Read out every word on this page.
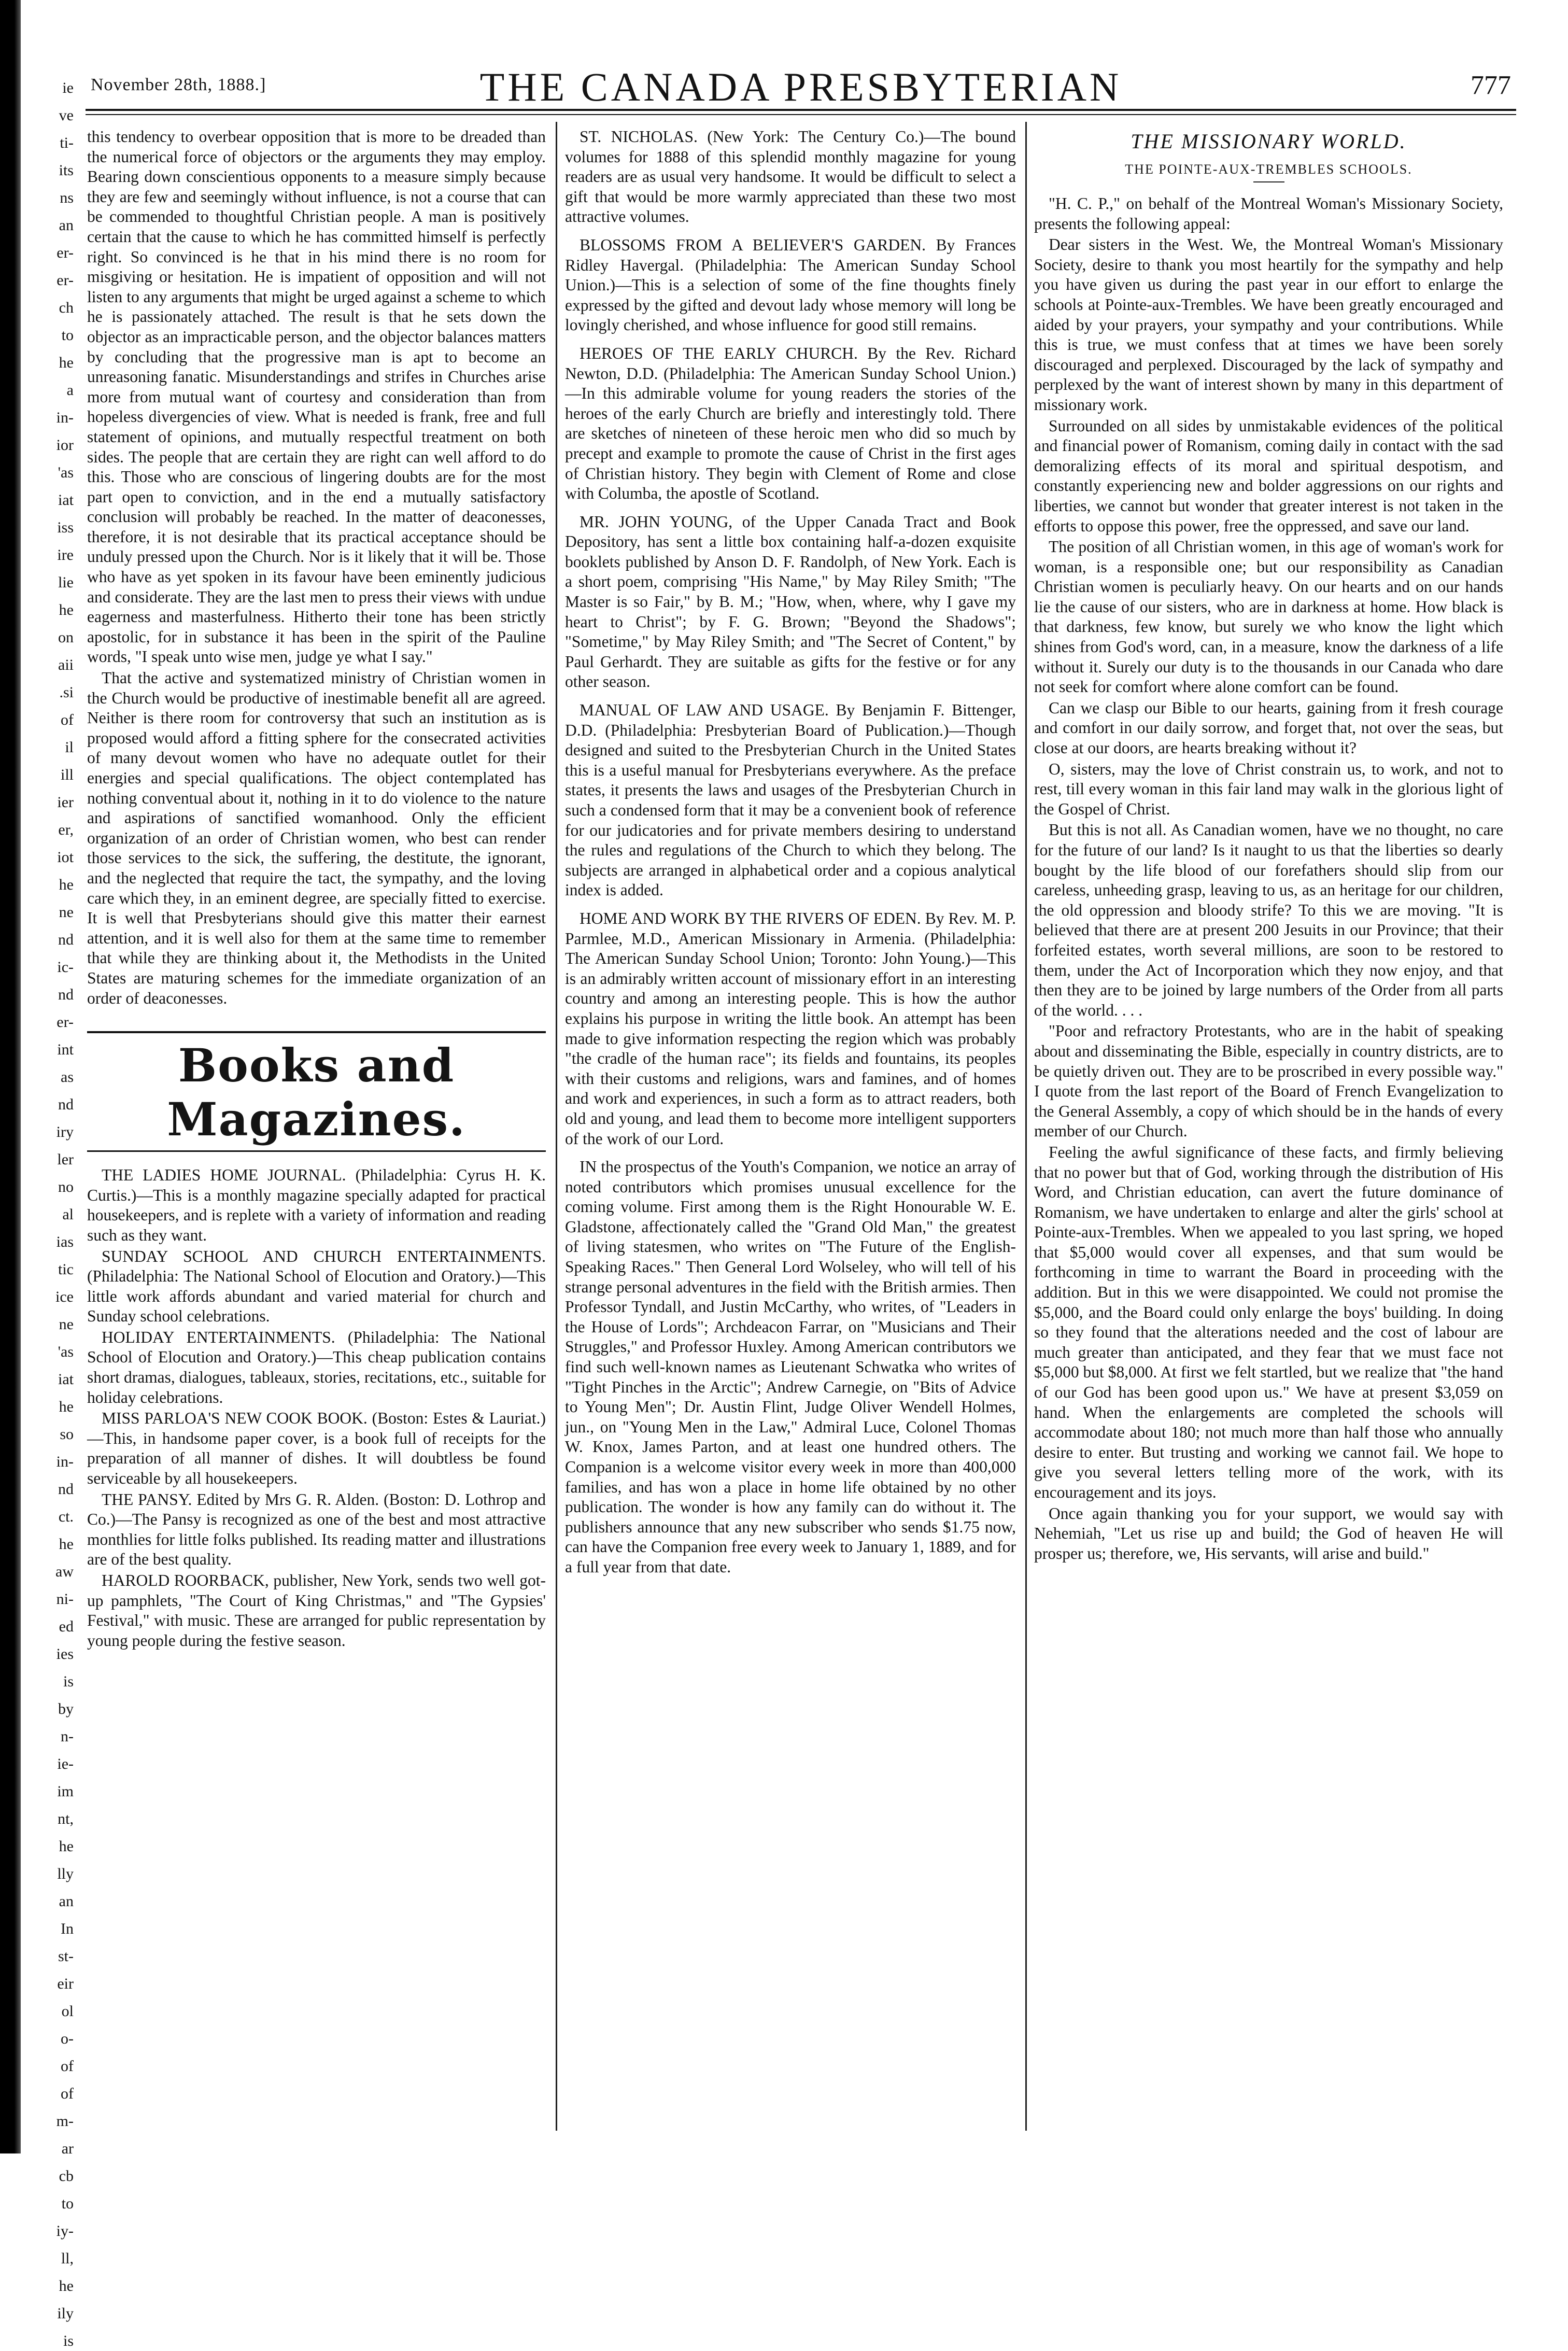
ie

ve

ti-

its

ns

an

er-

er-

ch

to

he

a

in-

ior

'as

iat

iss

ire

lie

he

on

aii

.si

of

il

ill

ier

er,

iot

he

ne

nd

ic-

nd

er-

int

as

nd

iry

ler

no

al

ias

tic

ice

ne

'as

iat

he

so

in-

nd

ct.

he

aw

ni-

ed

ies

is

by

n-

ie-

im

nt,

he

lly

an

In

st-

eir

ol

o-

of

of

m-

ar

cb

to

iy-

ll,

he

ily

is

November 28th, 1888.]	THE CANADA PRESBYTERIAN	777

this tendency to overbear opposition that is more to be dreaded than the numerical force of objectors or the arguments they may employ. Bearing down conscientious opponents to a measure simply because they are few and seemingly without influence, is not a course that can be commended to thoughtful Christian people. A man is positively certain that the cause to which he has committed himself is perfectly right. So convinced is he that in his mind there is no room for misgiving or hesitation. He is impatient of opposition and will not listen to any arguments that might be urged against a scheme to which he is passionately attached. The result is that he sets down the objector as an impracticable person, and the objector balances matters by concluding that the progressive man is apt to become an unreasoning fanatic. Misunderstandings and strifes in Churches arise more from mutual want of courtesy and consideration than from hopeless divergencies of view. What is needed is frank, free and full statement of opinions, and mutually respectful treatment on both sides. The people that are certain they are right can well afford to do this. Those who are conscious of lingering doubts are for the most part open to conviction, and in the end a mutually satisfactory conclusion will probably be reached. In the matter of deaconesses, therefore, it is not desirable that its practical acceptance should be unduly pressed upon the Church. Nor is it likely that it will be. Those who have as yet spoken in its favour have been eminently judicious and considerate. They are the last men to press their views with undue eagerness and masterfulness. Hitherto their tone has been strictly apostolic, for in substance it has been in the spirit of the Pauline words, "I speak unto wise men, judge ye what I say."

That the active and systematized ministry of Christian women in the Church would be productive of inestimable benefit all are agreed. Neither is there room for controversy that such an institution as is proposed would afford a fitting sphere for the consecrated activities of many devout women who have no adequate outlet for their energies and special qualifications. The object contemplated has nothing conventual about it, nothing in it to do violence to the nature and aspirations of sanctified womanhood. Only the efficient organization of an order of Christian women, who best can render those services to the sick, the suffering, the destitute, the ignorant, and the neglected that require the tact, the sympathy, and the loving care which they, in an eminent degree, are specially fitted to exercise. It is well that Presbyterians should give this matter their earnest attention, and it is well also for them at the same time to remember that while they are thinking about it, the Methodists in the United States are maturing schemes for the immediate organization of an order of deaconesses.

Books and Magazines.

THE LADIES HOME JOURNAL. (Philadelphia: Cyrus H. K. Curtis.)—This is a monthly magazine specially adapted for practical housekeepers, and is replete with a variety of information and reading such as they want.

SUNDAY SCHOOL AND CHURCH ENTERTAINMENTS. (Philadelphia: The National School of Elocution and Oratory.)—This little work affords abundant and varied material for church and Sunday school celebrations.

HOLIDAY ENTERTAINMENTS. (Philadelphia: The National School of Elocution and Oratory.)—This cheap publication contains short dramas, dialogues, tableaux, stories, recitations, etc., suitable for holiday celebrations.

MISS PARLOA'S NEW COOK BOOK. (Boston: Estes & Lauriat.)—This, in handsome paper cover, is a book full of receipts for the preparation of all manner of dishes. It will doubtless be found serviceable by all housekeepers.

THE PANSY. Edited by Mrs G. R. Alden. (Boston: D. Lothrop and Co.)—The Pansy is recognized as one of the best and most attractive monthlies for little folks published. Its reading matter and illustrations are of the best quality.

HAROLD ROORBACK, publisher, New York, sends two well got-up pamphlets, "The Court of King Christmas," and "The Gypsies' Festival," with music. These are arranged for public representation by young people during the festive season.

ST. NICHOLAS. (New York: The Century Co.)—The bound volumes for 1888 of this splendid monthly magazine for young readers are as usual very handsome. It would be difficult to select a gift that would be more warmly appreciated than these two most attractive volumes.

BLOSSOMS FROM A BELIEVER'S GARDEN. By Frances Ridley Havergal. (Philadelphia: The American Sunday School Union.)—This is a selection of some of the fine thoughts finely expressed by the gifted and devout lady whose memory will long be lovingly cherished, and whose influence for good still remains.

HEROES OF THE EARLY CHURCH. By the Rev. Richard Newton, D.D. (Philadelphia: The American Sunday School Union.)—In this admirable volume for young readers the stories of the heroes of the early Church are briefly and interestingly told. There are sketches of nineteen of these heroic men who did so much by precept and example to promote the cause of Christ in the first ages of Christian history. They begin with Clement of Rome and close with Columba, the apostle of Scotland.

MR. JOHN YOUNG, of the Upper Canada Tract and Book Depository, has sent a little box containing half-a-dozen exquisite booklets published by Anson D. F. Randolph, of New York. Each is a short poem, comprising "His Name," by May Riley Smith; "The Master is so Fair," by B. M.; "How, when, where, why I gave my heart to Christ"; by F. G. Brown; "Beyond the Shadows"; "Sometime," by May Riley Smith; and "The Secret of Content," by Paul Gerhardt. They are suitable as gifts for the festive or for any other season.

MANUAL OF LAW AND USAGE. By Benjamin F. Bittenger, D.D. (Philadelphia: Presbyterian Board of Publication.)—Though designed and suited to the Presbyterian Church in the United States this is a useful manual for Presbyterians everywhere. As the preface states, it presents the laws and usages of the Presbyterian Church in such a condensed form that it may be a convenient book of reference for our judicatories and for private members desiring to understand the rules and regulations of the Church to which they belong. The subjects are arranged in alphabetical order and a copious analytical index is added.

HOME AND WORK BY THE RIVERS OF EDEN. By Rev. M. P. Parmlee, M.D., American Missionary in Armenia. (Philadelphia: The American Sunday School Union; Toronto: John Young.)—This is an admirably written account of missionary effort in an interesting country and among an interesting people. This is how the author explains his purpose in writing the little book. An attempt has been made to give information respecting the region which was probably "the cradle of the human race"; its fields and fountains, its peoples with their customs and religions, wars and famines, and of homes and work and experiences, in such a form as to attract readers, both old and young, and lead them to become more intelligent supporters of the work of our Lord.

IN the prospectus of the Youth's Companion, we notice an array of noted contributors which promises unusual excellence for the coming volume. First among them is the Right Honourable W. E. Gladstone, affectionately called the "Grand Old Man," the greatest of living statesmen, who writes on "The Future of the English-Speaking Races." Then General Lord Wolseley, who will tell of his strange personal adventures in the field with the British armies. Then Professor Tyndall, and Justin McCarthy, who writes, of "Leaders in the House of Lords"; Archdeacon Farrar, on "Musicians and Their Struggles," and Professor Huxley. Among American contributors we find such well-known names as Lieutenant Schwatka who writes of "Tight Pinches in the Arctic"; Andrew Carnegie, on "Bits of Advice to Young Men"; Dr. Austin Flint, Judge Oliver Wendell Holmes, jun., on "Young Men in the Law," Admiral Luce, Colonel Thomas W. Knox, James Parton, and at least one hundred others. The Companion is a welcome visitor every week in more than 400,000 families, and has won a place in home life obtained by no other publication. The wonder is how any family can do without it. The publishers announce that any new subscriber who sends $1.75 now, can have the Companion free every week to January 1, 1889, and for a full year from that date.

THE MISSIONARY WORLD.
THE POINTE-AUX-TREMBLES SCHOOLS.

"H. C. P.," on behalf of the Montreal Woman's Missionary Society, presents the following appeal:

Dear sisters in the West. We, the Montreal Woman's Missionary Society, desire to thank you most heartily for the sympathy and help you have given us during the past year in our effort to enlarge the schools at Pointe-aux-Trembles. We have been greatly encouraged and aided by your prayers, your sympathy and your contributions. While this is true, we must confess that at times we have been sorely discouraged and perplexed. Discouraged by the lack of sympathy and perplexed by the want of interest shown by many in this department of missionary work.

Surrounded on all sides by unmistakable evidences of the political and financial power of Romanism, coming daily in contact with the sad demoralizing effects of its moral and spiritual despotism, and constantly experiencing new and bolder aggressions on our rights and liberties, we cannot but wonder that greater interest is not taken in the efforts to oppose this power, free the oppressed, and save our land.

The position of all Christian women, in this age of woman's work for woman, is a responsible one; but our responsibility as Canadian Christian women is peculiarly heavy. On our hearts and on our hands lie the cause of our sisters, who are in darkness at home. How black is that darkness, few know, but surely we who know the light which shines from God's word, can, in a measure, know the darkness of a life without it. Surely our duty is to the thousands in our Canada who dare not seek for comfort where alone comfort can be found.

Can we clasp our Bible to our hearts, gaining from it fresh courage and comfort in our daily sorrow, and forget that, not over the seas, but close at our doors, are hearts breaking without it?

O, sisters, may the love of Christ constrain us, to work, and not to rest, till every woman in this fair land may walk in the glorious light of the Gospel of Christ.

But this is not all. As Canadian women, have we no thought, no care for the future of our land? Is it naught to us that the liberties so dearly bought by the life blood of our forefathers should slip from our careless, unheeding grasp, leaving to us, as an heritage for our children, the old oppression and bloody strife? To this we are moving. "It is believed that there are at present 200 Jesuits in our Province; that their forfeited estates, worth several millions, are soon to be restored to them, under the Act of Incorporation which they now enjoy, and that then they are to be joined by large numbers of the Order from all parts of the world. . . .

"Poor and refractory Protestants, who are in the habit of speaking about and disseminating the Bible, especially in country districts, are to be quietly driven out. They are to be proscribed in every possible way." I quote from the last report of the Board of French Evangelization to the General Assembly, a copy of which should be in the hands of every member of our Church.

Feeling the awful significance of these facts, and firmly believing that no power but that of God, working through the distribution of His Word, and Christian education, can avert the future dominance of Romanism, we have undertaken to enlarge and alter the girls' school at Pointe-aux-Trembles. When we appealed to you last spring, we hoped that $5,000 would cover all expenses, and that sum would be forthcoming in time to warrant the Board in proceeding with the addition. But in this we were disappointed. We could not promise the $5,000, and the Board could only enlarge the boys' building. In doing so they found that the alterations needed and the cost of labour are much greater than anticipated, and they fear that we must face not $5,000 but $8,000. At first we felt startled, but we realize that "the hand of our God has been good upon us." We have at present $3,059 on hand. When the enlargements are completed the schools will accommodate about 180; not much more than half those who annually desire to enter. But trusting and working we cannot fail. We hope to give you several letters telling more of the work, with its encouragement and its joys.

Once again thanking you for your support, we would say with Nehemiah, "Let us rise up and build; the God of heaven He will prosper us; therefore, we, His servants, will arise and build."
